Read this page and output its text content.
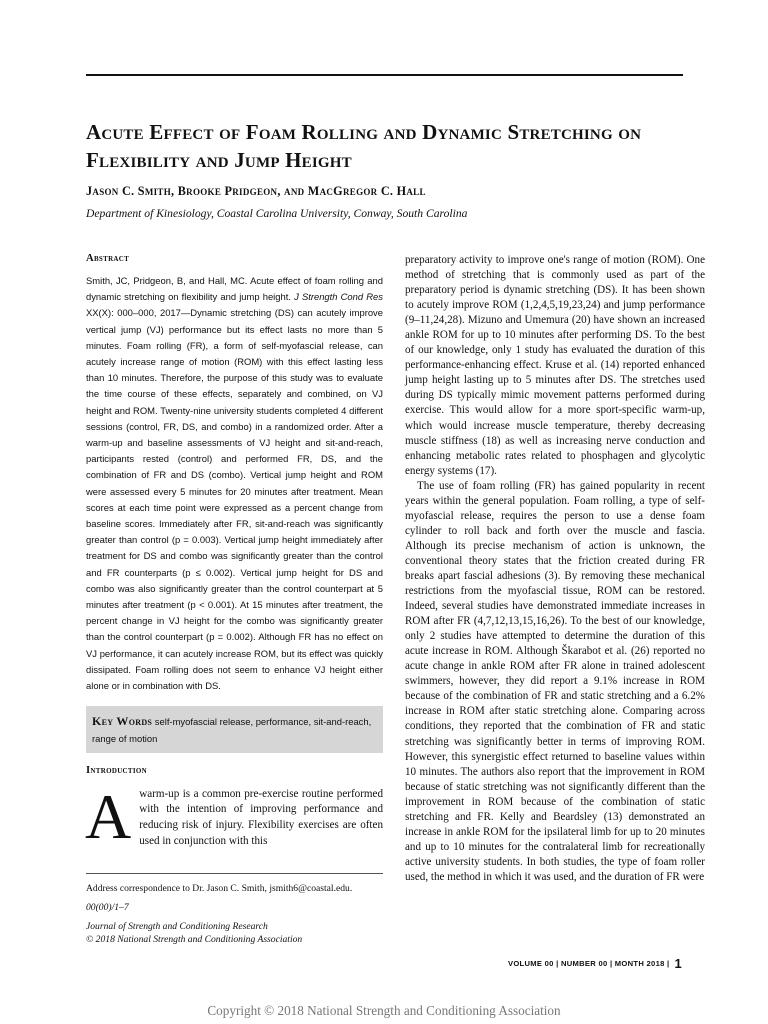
Acute Effect of Foam Rolling and Dynamic Stretching on Flexibility and Jump Height
Jason C. Smith, Brooke Pridgeon, and MacGregor C. Hall
Department of Kinesiology, Coastal Carolina University, Conway, South Carolina
Abstract

Smith, JC, Pridgeon, B, and Hall, MC. Acute effect of foam rolling and dynamic stretching on flexibility and jump height. J Strength Cond Res XX(X): 000–000, 2017—Dynamic stretching (DS) can acutely improve vertical jump (VJ) performance but its effect lasts no more than 5 minutes. Foam rolling (FR), a form of self-myofascial release, can acutely increase range of motion (ROM) with this effect lasting less than 10 minutes. Therefore, the purpose of this study was to evaluate the time course of these effects, separately and combined, on VJ height and ROM. Twenty-nine university students completed 4 different sessions (control, FR, DS, and combo) in a randomized order. After a warm-up and baseline assessments of VJ height and sit-and-reach, participants rested (control) and performed FR, DS, and the combination of FR and DS (combo). Vertical jump height and ROM were assessed every 5 minutes for 20 minutes after treatment. Mean scores at each time point were expressed as a percent change from baseline scores. Immediately after FR, sit-and-reach was significantly greater than control (p = 0.003). Vertical jump height immediately after treatment for DS and combo was significantly greater than the control and FR counterparts (p ≤ 0.002). Vertical jump height for DS and combo was also significantly greater than the control counterpart at 5 minutes after treatment (p < 0.001). At 15 minutes after treatment, the percent change in VJ height for the combo was significantly greater than the control counterpart (p = 0.002). Although FR has no effect on VJ performance, it can acutely increase ROM, but its effect was quickly dissipated. Foam rolling does not seem to enhance VJ height either alone or in combination with DS.

Key Words self-myofascial release, performance, sit-and-reach, range of motion
Introduction

Awarm-up is a common pre-exercise routine performed with the intention of improving performance and reducing risk of injury. Flexibility exercises are often used in conjunction with this

Address correspondence to Dr. Jason C. Smith, jsmith6@coastal.edu.
00(00)/1–7
Journal of Strength and Conditioning Research
© 2018 National Strength and Conditioning Association

preparatory activity to improve one's range of motion (ROM). One method of stretching that is commonly used as part of the preparatory period is dynamic stretching (DS). It has been shown to acutely improve ROM (1,2,4,5,19,23,24) and jump performance (9–11,24,28). Mizuno and Umemura (20) have shown an increased ankle ROM for up to 10 minutes after performing DS. To the best of our knowledge, only 1 study has evaluated the duration of this performance-enhancing effect. Kruse et al. (14) reported enhanced jump height lasting up to 5 minutes after DS. The stretches used during DS typically mimic movement patterns performed during exercise. This would allow for a more sport-specific warm-up, which would increase muscle temperature, thereby decreasing muscle stiffness (18) as well as increasing nerve conduction and enhancing metabolic rates related to phosphagen and glycolytic energy systems (17).

The use of foam rolling (FR) has gained popularity in recent years within the general population. Foam rolling, a type of self-myofascial release, requires the person to use a dense foam cylinder to roll back and forth over the muscle and fascia. Although its precise mechanism of action is unknown, the conventional theory states that the friction created during FR breaks apart fascial adhesions (3). By removing these mechanical restrictions from the myofascial tissue, ROM can be restored. Indeed, several studies have demonstrated immediate increases in ROM after FR (4,7,12,13,15,16,26). To the best of our knowledge, only 2 studies have attempted to determine the duration of this acute increase in ROM. Although Škarabot et al. (26) reported no acute change in ankle ROM after FR alone in trained adolescent swimmers, however, they did report a 9.1% increase in ROM because of the combination of FR and static stretching and a 6.2% increase in ROM after static stretching alone. Comparing across conditions, they reported that the combination of FR and static stretching was significantly better in terms of improving ROM. However, this synergistic effect returned to baseline values within 10 minutes. The authors also report that the improvement in ROM because of static stretching was not significantly different than the improvement in ROM because of the combination of static stretching and FR. Kelly and Beardsley (13) demonstrated an increase in ankle ROM for the ipsilateral limb for up to 20 minutes and up to 10 minutes for the contralateral limb for recreationally active university students. In both studies, the type of foam roller used, the method in which it was used, and the duration of FR were

VOLUME 00 | NUMBER 00 | MONTH 2018 | 1
Copyright © 2018 National Strength and Conditioning Association
